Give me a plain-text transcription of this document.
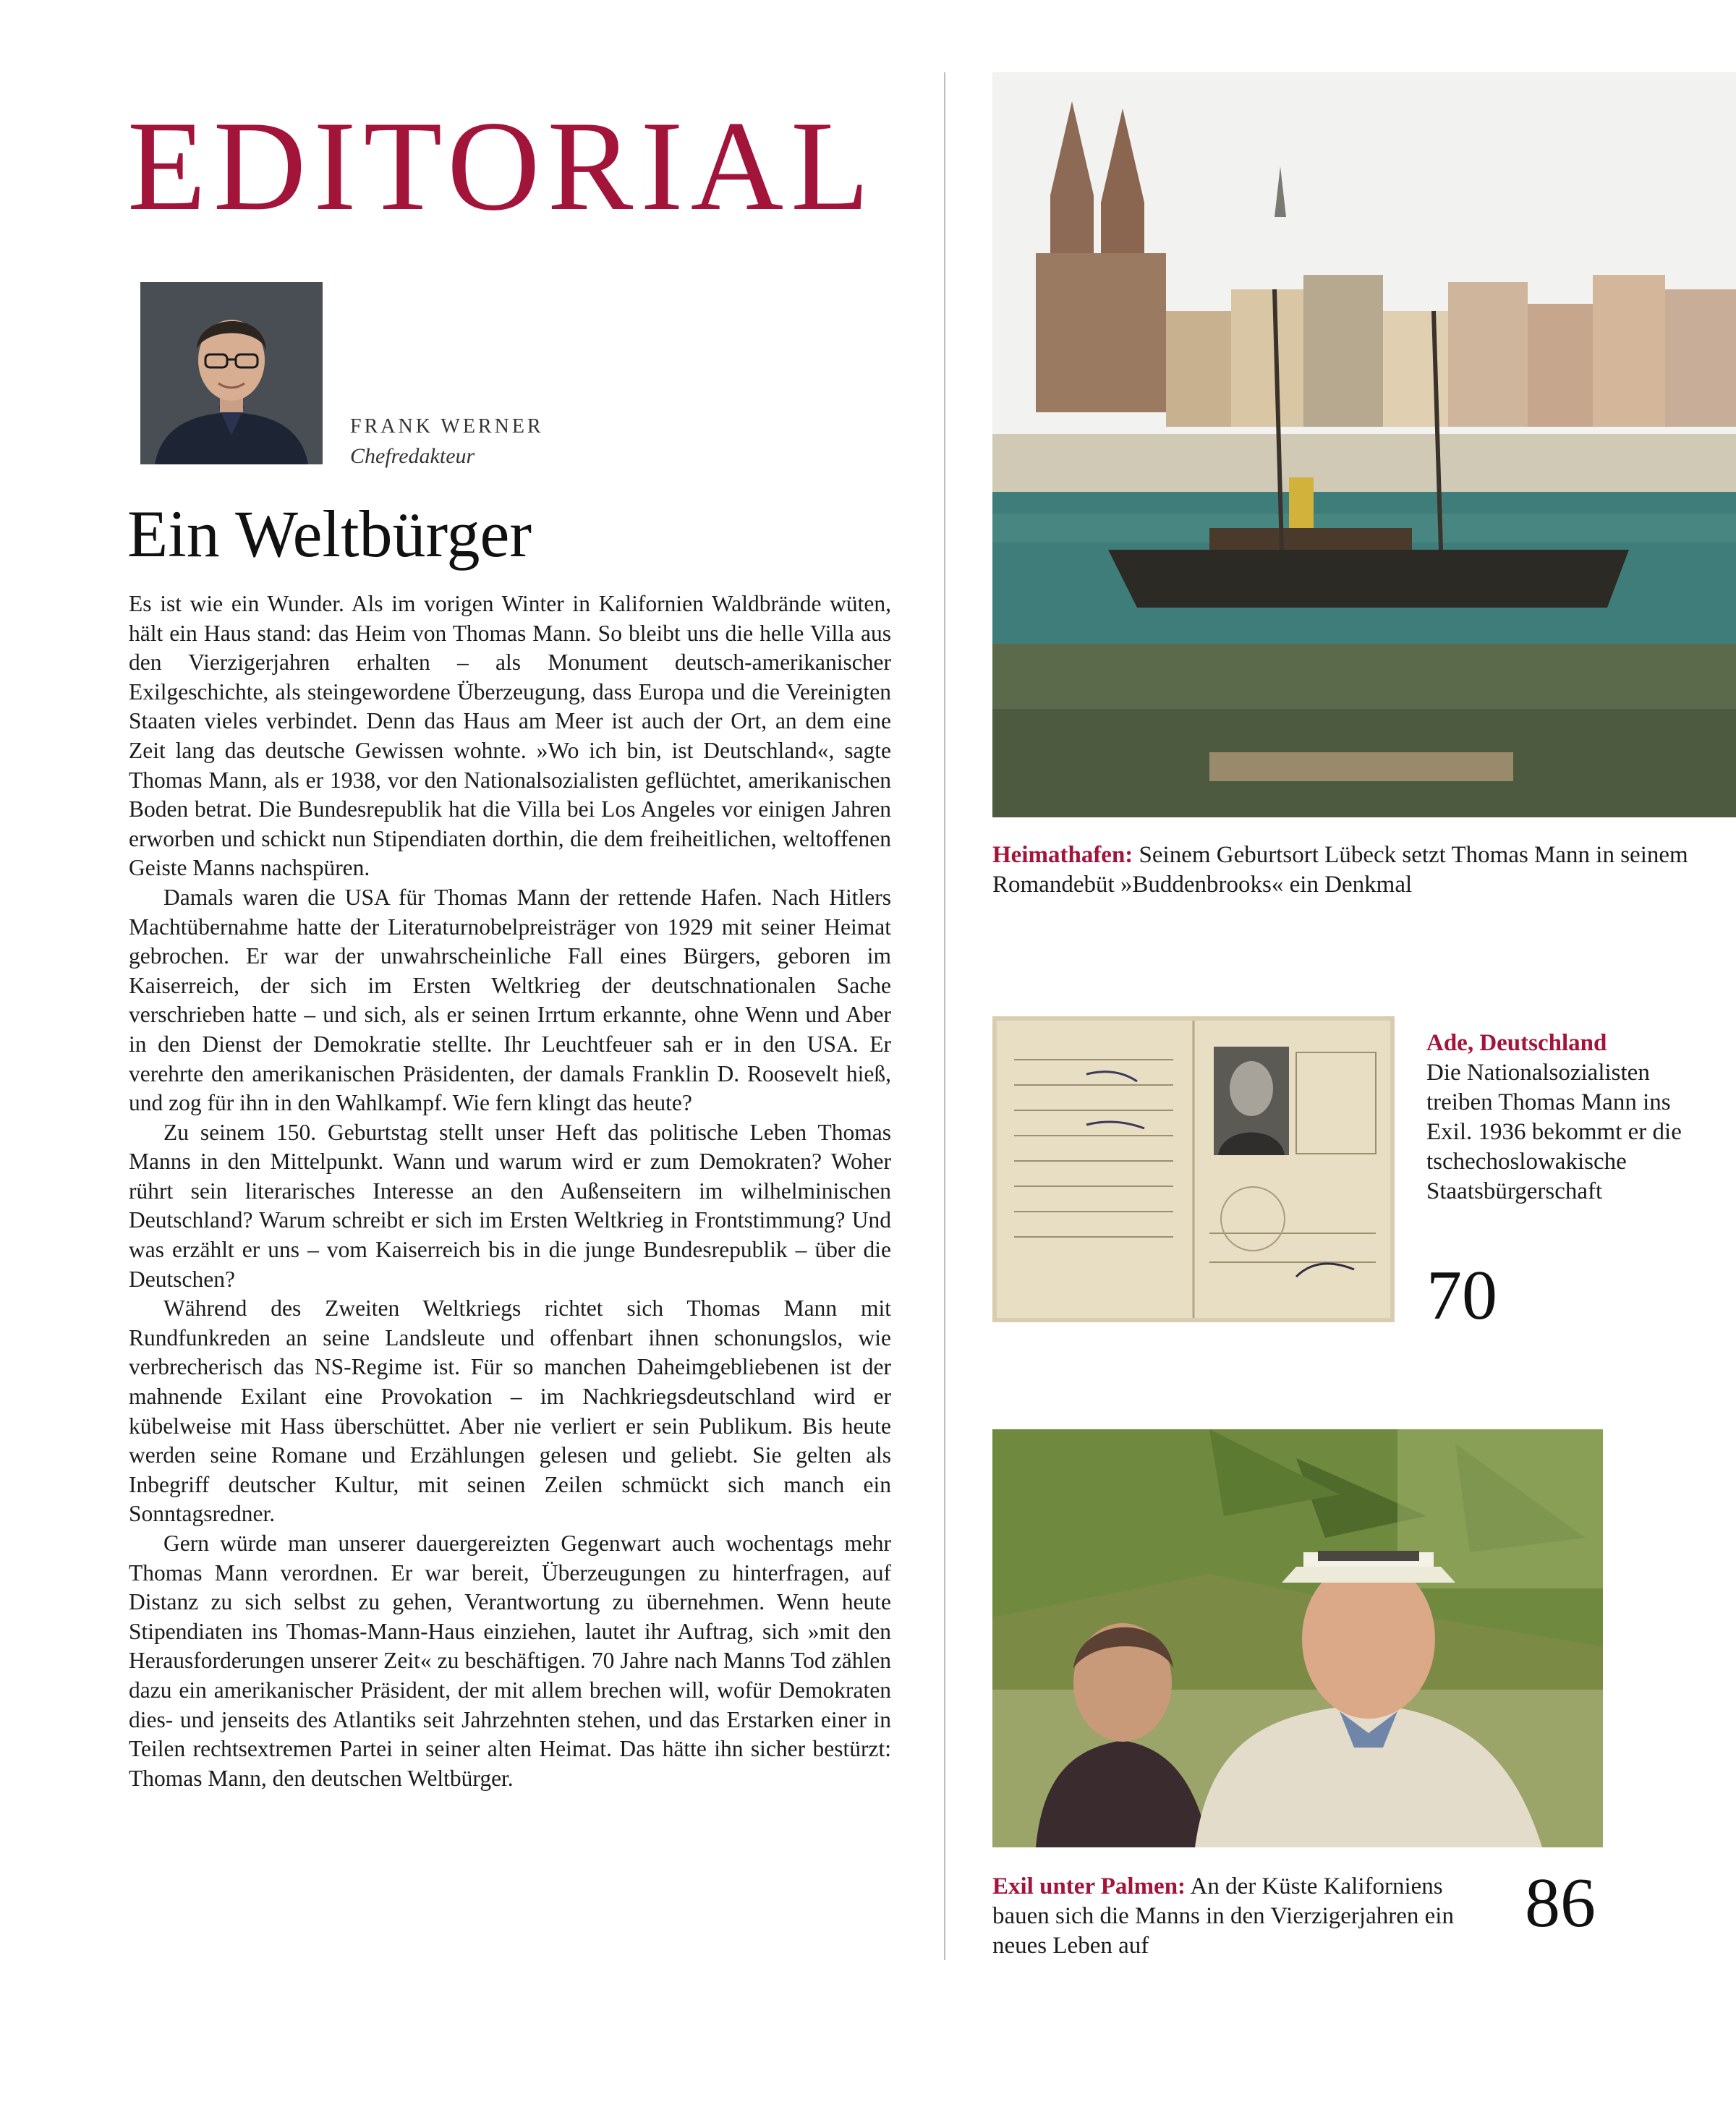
EDITORIAL
FRANK WERNER
Chefredakteur
Ein Weltbürger

Es ist wie ein Wunder. Als im vorigen Winter in Kalifornien Waldbrände wüten, hält ein Haus stand: das Heim von Thomas Mann. So bleibt uns die helle Villa aus den Vierzigerjahren erhalten – als Monument deutsch-amerikanischer Exilgeschichte, als steingewordene Überzeugung, dass Europa und die Vereinigten Staaten vieles verbindet. Denn das Haus am Meer ist auch der Ort, an dem eine Zeit lang das deutsche Gewissen wohnte. »Wo ich bin, ist Deutschland«, sagte Thomas Mann, als er 1938, vor den Nationalsozialisten geflüchtet, amerikanischen Boden betrat. Die Bundesrepublik hat die Villa bei Los Angeles vor einigen Jahren erworben und schickt nun Stipendiaten dorthin, die dem freiheitlichen, weltoffenen Geiste Manns nachspüren.

Damals waren die USA für Thomas Mann der rettende Hafen. Nach Hitlers Machtübernahme hatte der Literaturnobelpreisträger von 1929 mit seiner Heimat gebrochen. Er war der unwahrscheinliche Fall eines Bürgers, geboren im Kaiserreich, der sich im Ersten Weltkrieg der deutschnationalen Sache verschrieben hatte – und sich, als er seinen Irrtum erkannte, ohne Wenn und Aber in den Dienst der Demokratie stellte. Ihr Leuchtfeuer sah er in den USA. Er verehrte den amerikanischen Präsidenten, der damals Franklin D. Roosevelt hieß, und zog für ihn in den Wahlkampf. Wie fern klingt das heute?

Zu seinem 150. Geburtstag stellt unser Heft das politische Leben Thomas Manns in den Mittelpunkt. Wann und warum wird er zum Demokraten? Woher rührt sein literarisches Interesse an den Außenseitern im wilhelminischen Deutschland? Warum schreibt er sich im Ersten Weltkrieg in Frontstimmung? Und was erzählt er uns – vom Kaiserreich bis in die junge Bundesrepublik – über die Deutschen?

Während des Zweiten Weltkriegs richtet sich Thomas Mann mit Rundfunkreden an seine Landsleute und offenbart ihnen schonungslos, wie verbrecherisch das NS-Regime ist. Für so manchen Daheimgebliebenen ist der mahnende Exilant eine Provokation – im Nachkriegsdeutschland wird er kübelweise mit Hass überschüttet. Aber nie verliert er sein Publikum. Bis heute werden seine Romane und Erzählungen gelesen und geliebt. Sie gelten als Inbegriff deutscher Kultur, mit seinen Zeilen schmückt sich manch ein Sonntagsredner.

Gern würde man unserer dauergereizten Gegenwart auch wochentags mehr Thomas Mann verordnen. Er war bereit, Überzeugungen zu hinterfragen, auf Distanz zu sich selbst zu gehen, Verantwortung zu übernehmen. Wenn heute Stipendiaten ins Thomas-Mann-Haus einziehen, lautet ihr Auftrag, sich »mit den Herausforderungen unserer Zeit« zu beschäftigen. 70 Jahre nach Manns Tod zählen dazu ein amerikanischer Präsident, der mit allem brechen will, wofür Demokraten dies- und jenseits des Atlantiks seit Jahrzehnten stehen, und das Erstarken einer in Teilen rechtsextremen Partei in seiner alten Heimat. Das hätte ihn sicher bestürzt: Thomas Mann, den deutschen Weltbürger.

Heimathafen: Seinem Geburtsort Lübeck setzt Thomas Mann in seinem Romandebüt »Buddenbrooks« ein Denkmal
Ade, Deutschland
Die Nationalsozialisten treiben Thomas Mann ins Exil. 1936 bekommt er die tschechoslowakische Staatsbürgerschaft
70
Exil unter Palmen: An der Küste Kaliforniens bauen sich die Manns in den Vierzigerjahren ein neues Leben auf
86
